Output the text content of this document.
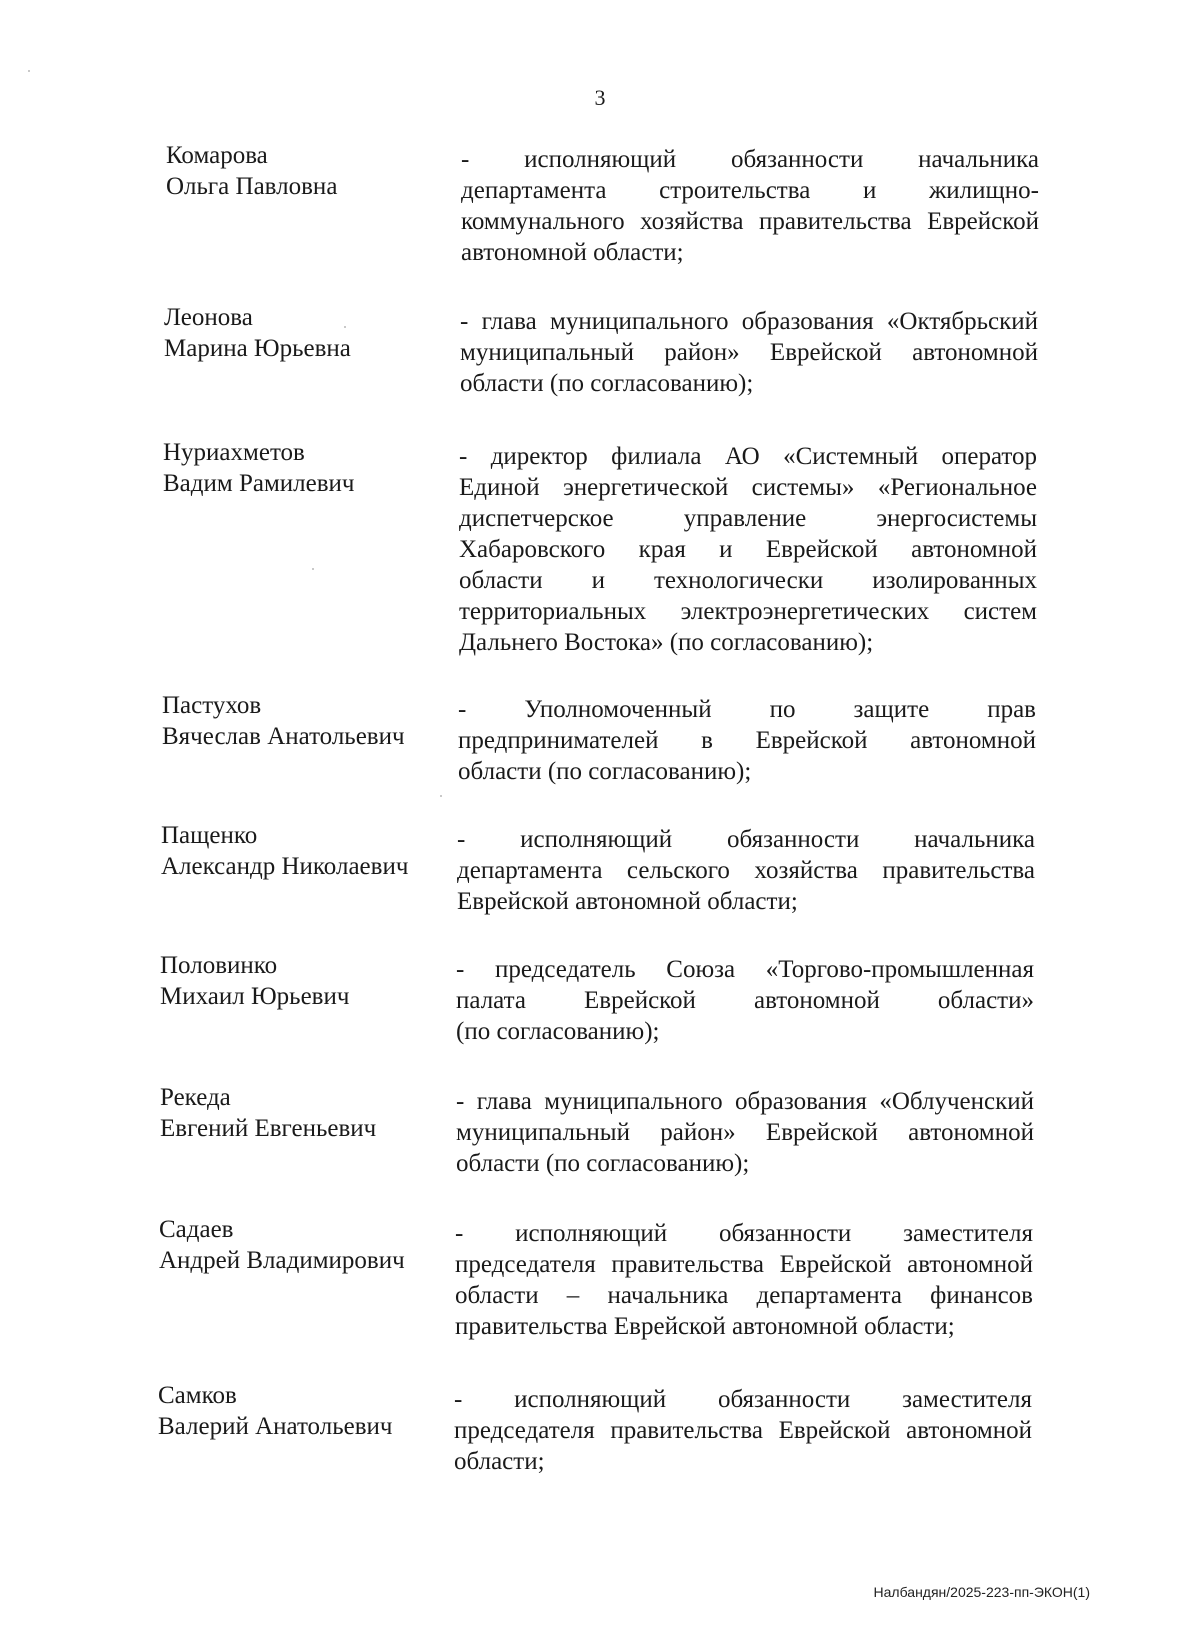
3
Комарова
Ольга Павловна
- исполняющий обязанности начальника
департамента строительства и жилищно-
коммунального хозяйства правительства Еврейской
автономной области;
Леонова
Марина Юрьевна
- глава муниципального образования «Октябрьский
муниципальный район» Еврейской автономной
области (по согласованию);
Нуриахметов
Вадим Рамилевич
- директор филиала АО «Системный оператор
Единой энергетической системы» «Региональное
диспетчерское управление энергосистемы
Хабаровского края и Еврейской автономной
области и технологически изолированных
территориальных электроэнергетических систем
Дальнего Востока» (по согласованию);
Пастухов
Вячеслав Анатольевич
- Уполномоченный по защите прав
предпринимателей в Еврейской автономной
области (по согласованию);
Пащенко
Александр Николаевич
- исполняющий обязанности начальника
департамента сельского хозяйства правительства
Еврейской автономной области;
Половинко
Михаил Юрьевич
- председатель Союза «Торгово-промышленная
палата Еврейской автономной области»
(по согласованию);
Рекеда
Евгений Евгеньевич
- глава муниципального образования «Облученский
муниципальный район» Еврейской автономной
области (по согласованию);
Садаев
Андрей Владимирович
- исполняющий обязанности заместителя
председателя правительства Еврейской автономной
области – начальника департамента финансов
правительства Еврейской автономной области;
Самков
Валерий Анатольевич
- исполняющий обязанности заместителя
председателя правительства Еврейской автономной
области;
Налбандян/2025-223-пп-ЭКОН(1)
